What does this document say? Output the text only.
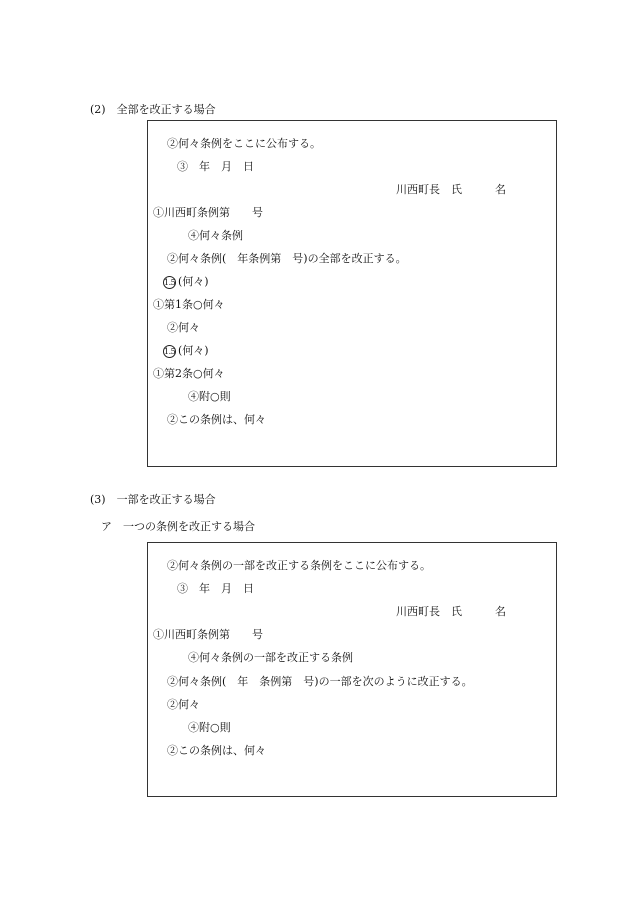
(2)　全部を改正する場合
②何々条例をここに公布する。
③　年　月　日
川西町長　氏　　　名
①川西町条例第　　号
④何々条例
②何々条例(　年条例第　号)の全部を改正する。
1.5 (何々)
①第1条○何々
②何々
1.5 (何々)
①第2条○何々
④附○則
②この条例は、何々
(3)　一部を改正する場合
ア　一つの条例を改正する場合
②何々条例の一部を改正する条例をここに公布する。
③　年　月　日
川西町長　氏　　　名
①川西町条例第　　号
④何々条例の一部を改正する条例
②何々条例(　年　条例第　号)の一部を次のように改正する。
②何々
④附○則
②この条例は、何々
